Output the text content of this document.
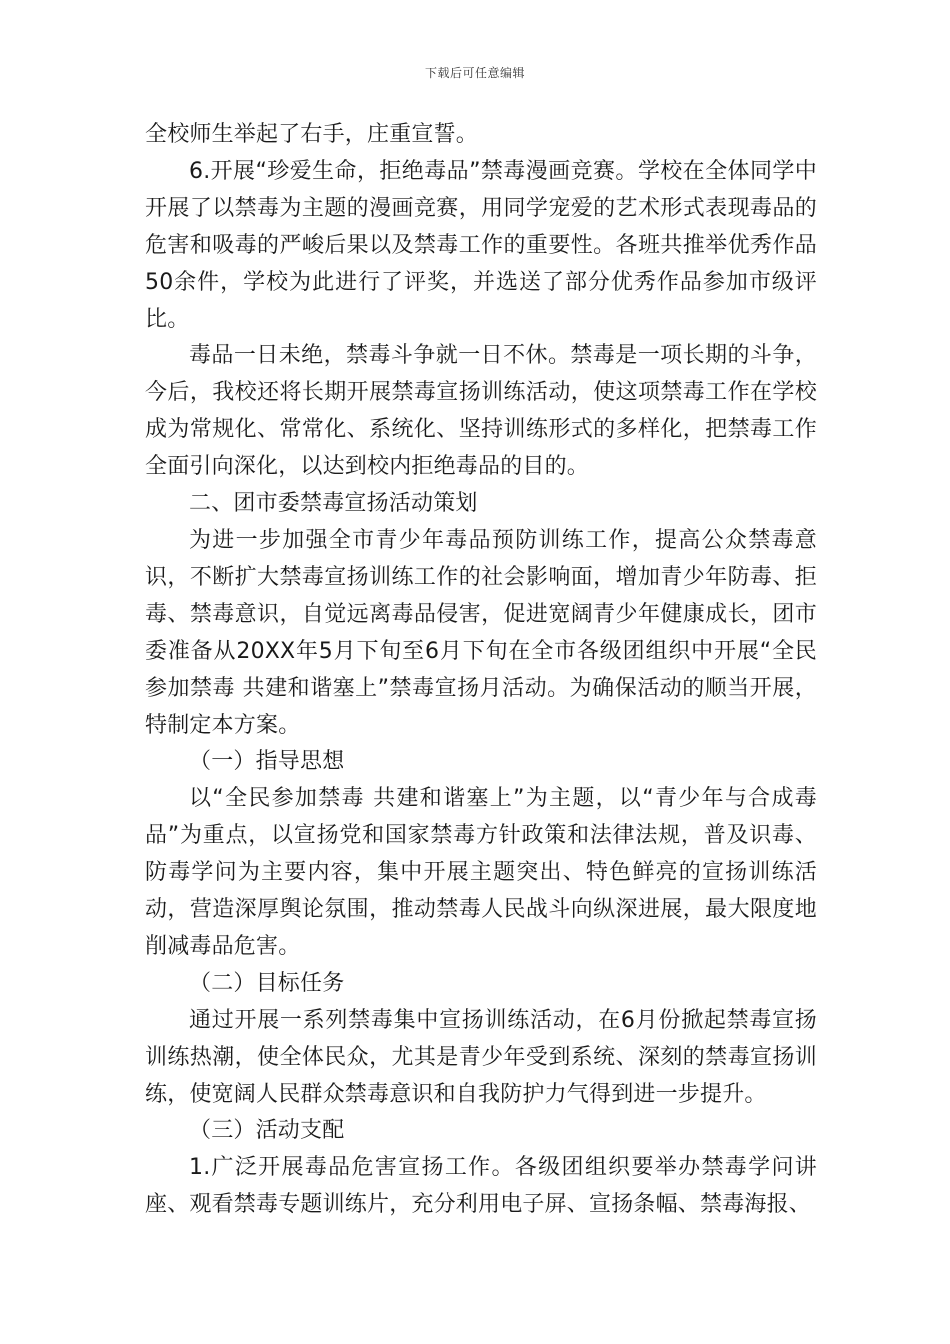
下载后可任意编辑

全校师生举起了右手，庄重宣誓。

6.开展“珍爱生命，拒绝毒品”禁毒漫画竞赛。学校在全体同学中开展了以禁毒为主题的漫画竞赛，用同学宠爱的艺术形式表现毒品的危害和吸毒的严峻后果以及禁毒工作的重要性。各班共推举优秀作品50余件，学校为此进行了评奖，并选送了部分优秀作品参加市级评比。

毒品一日未绝，禁毒斗争就一日不休。禁毒是一项长期的斗争，今后，我校还将长期开展禁毒宣扬训练活动，使这项禁毒工作在学校成为常规化、常常化、系统化、坚持训练形式的多样化，把禁毒工作全面引向深化，以达到校内拒绝毒品的目的。

二、团市委禁毒宣扬活动策划

为进一步加强全市青少年毒品预防训练工作，提高公众禁毒意识，不断扩大禁毒宣扬训练工作的社会影响面，增加青少年防毒、拒毒、禁毒意识，自觉远离毒品侵害，促进宽阔青少年健康成长，团市委准备从20XX年5月下旬至6月下旬在全市各级团组织中开展“全民参加禁毒 共建和谐塞上”禁毒宣扬月活动。为确保活动的顺当开展，特制定本方案。

（一）指导思想

以“全民参加禁毒 共建和谐塞上”为主题，以“青少年与合成毒品”为重点，以宣扬党和国家禁毒方针政策和法律法规，普及识毒、防毒学问为主要内容，集中开展主题突出、特色鲜亮的宣扬训练活动，营造深厚舆论氛围，推动禁毒人民战斗向纵深进展，最大限度地削减毒品危害。

（二）目标任务

通过开展一系列禁毒集中宣扬训练活动，在6月份掀起禁毒宣扬训练热潮，使全体民众，尤其是青少年受到系统、深刻的禁毒宣扬训练，使宽阔人民群众禁毒意识和自我防护力气得到进一步提升。

（三）活动支配

1.广泛开展毒品危害宣扬工作。各级团组织要举办禁毒学问讲座、观看禁毒专题训练片，充分利用电子屏、宣扬条幅、禁毒海报、
